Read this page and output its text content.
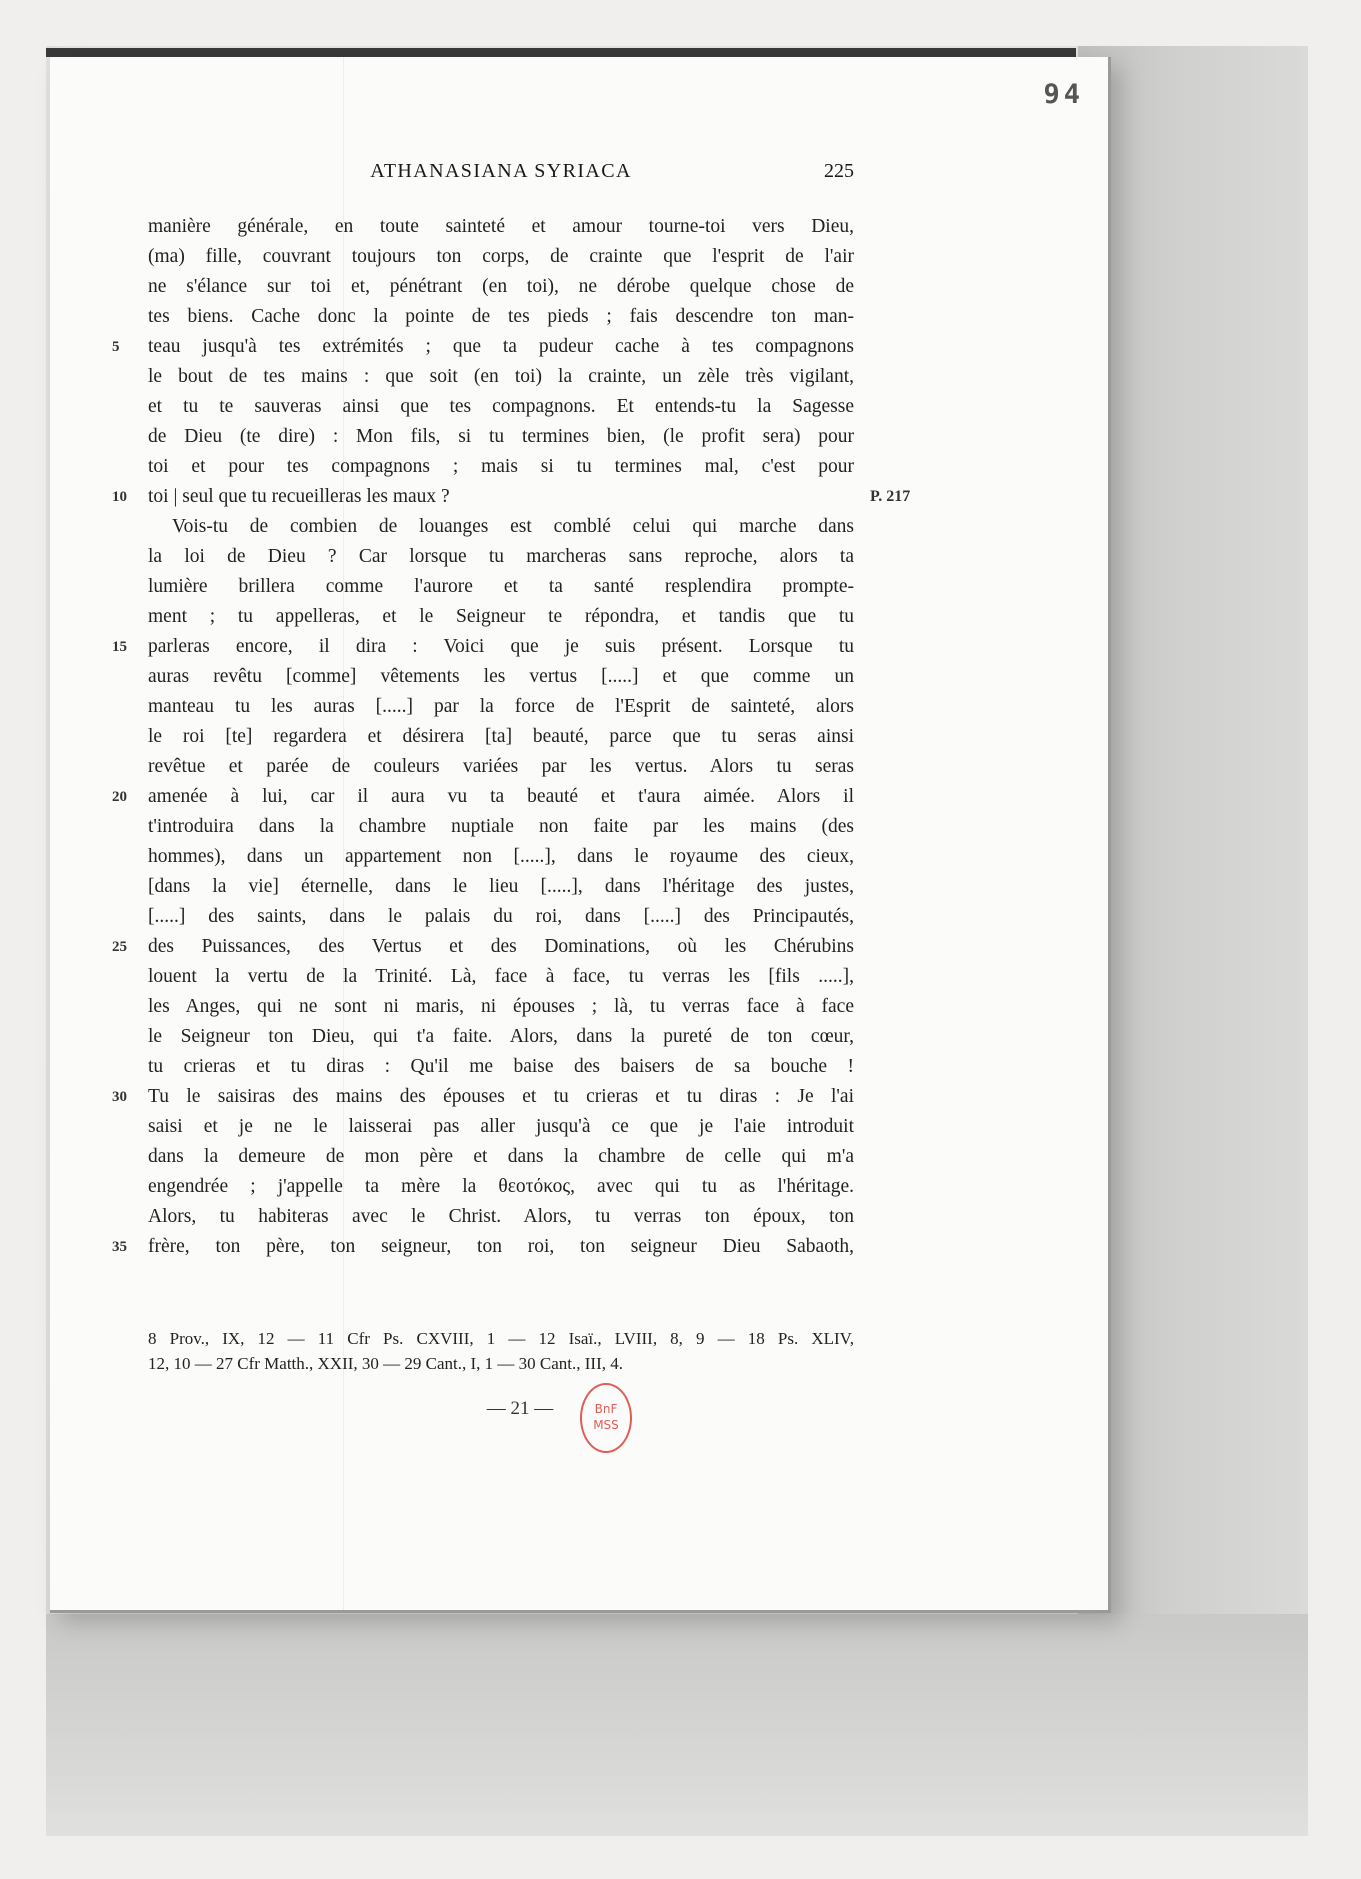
94
ATHANASIANA SYRIACA	225
manière générale, en toute sainteté et amour tourne-toi vers Dieu,
(ma) fille, couvrant toujours ton corps, de crainte que l'esprit de l'air
ne s'élance sur toi et, pénétrant (en toi), ne dérobe quelque chose de
tes biens. Cache donc la pointe de tes pieds ; fais descendre ton man-
5	teau jusqu'à tes extrémités ; que ta pudeur cache à tes compagnons
le bout de tes mains : que soit (en toi) la crainte, un zèle très vigilant,
et tu te sauveras ainsi que tes compagnons. Et entends-tu la Sagesse
de Dieu (te dire) : Mon fils, si tu termines bien, (le profit sera) pour
toi et pour tes compagnons ; mais si tu termines mal, c'est pour
10	toi | seul que tu recueilleras les maux ?	P. 217
Vois-tu de combien de louanges est comblé celui qui marche dans
la loi de Dieu ? Car lorsque tu marcheras sans reproche, alors ta
lumière brillera comme l'aurore et ta santé resplendira prompte-
ment ; tu appelleras, et le Seigneur te répondra, et tandis que tu
15	parleras encore, il dira : Voici que je suis présent. Lorsque tu
auras revêtu [comme] vêtements les vertus [.....] et que comme un
manteau tu les auras [.....] par la force de l'Esprit de sainteté, alors
le roi [te] regardera et désirera [ta] beauté, parce que tu seras ainsi
revêtue et parée de couleurs variées par les vertus. Alors tu seras
20	amenée à lui, car il aura vu ta beauté et t'aura aimée. Alors il
t'introduira dans la chambre nuptiale non faite par les mains (des
hommes), dans un appartement non [.....], dans le royaume des cieux,
[dans la vie] éternelle, dans le lieu [.....], dans l'héritage des justes,
[.....] des saints, dans le palais du roi, dans [.....] des Principautés,
25	des Puissances, des Vertus et des Dominations, où les Chérubins
louent la vertu de la Trinité. Là, face à face, tu verras les [fils .....],
les Anges, qui ne sont ni maris, ni épouses ; là, tu verras face à face
le Seigneur ton Dieu, qui t'a faite. Alors, dans la pureté de ton cœur,
tu crieras et tu diras : Qu'il me baise des baisers de sa bouche !
30	Tu le saisiras des mains des épouses et tu crieras et tu diras : Je l'ai
saisi et je ne le laisserai pas aller jusqu'à ce que je l'aie introduit
dans la demeure de mon père et dans la chambre de celle qui m'a
engendrée ; j'appelle ta mère la θεοτόκος, avec qui tu as l'héritage.
Alors, tu habiteras avec le Christ. Alors, tu verras ton époux, ton
35	frère, ton père, ton seigneur, ton roi, ton seigneur Dieu Sabaoth,
8 Prov., IX, 12 — 11 Cfr Ps. CXVIII, 1 — 12 Isaï., LVIII, 8, 9 — 18 Ps. XLIV,
12, 10 — 27 Cfr Matth., XXII, 30 — 29 Cant., I, 1 — 30 Cant., III, 4.
— 21 —	BnF
MSS
